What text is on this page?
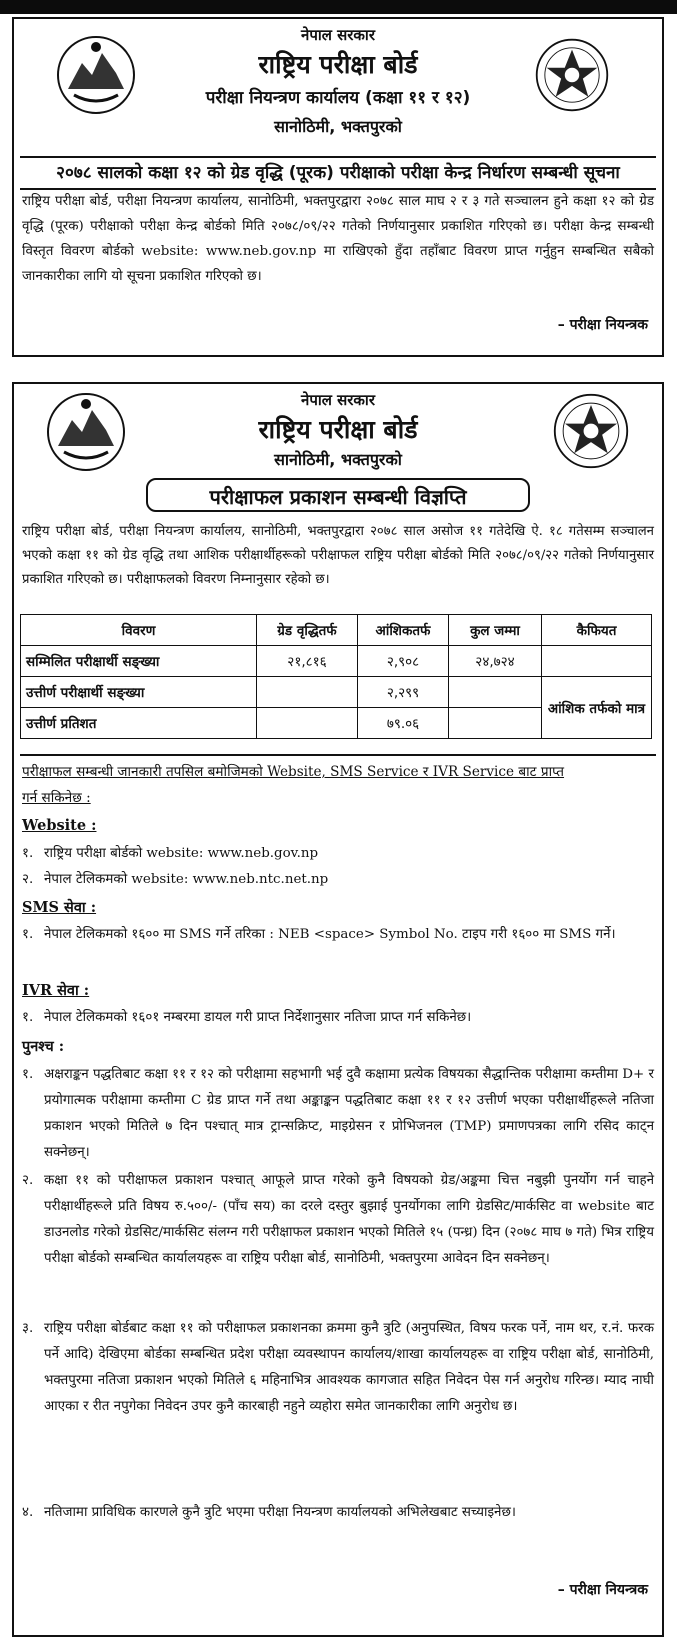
नेपाल सरकार
राष्ट्रिय परीक्षा बोर्ड
परीक्षा नियन्त्रण कार्यालय (कक्षा ११ र १२)
सानोठिमी, भक्तपुरको
२०७८ सालको कक्षा १२ को ग्रेड वृद्धि (पूरक) परीक्षाको परीक्षा केन्द्र निर्धारण सम्बन्धी सूचना
राष्ट्रिय परीक्षा बोर्ड, परीक्षा नियन्त्रण कार्यालय, सानोठिमी, भक्तपुरद्वारा २०७८ साल माघ २ र ३ गते सञ्चालन हुने कक्षा १२ को ग्रेड वृद्धि (पूरक) परीक्षाको परीक्षा केन्द्र बोर्डको मिति २०७८/०९/२२ गतेको निर्णयानुसार प्रकाशित गरिएको छ। परीक्षा केन्द्र सम्बन्धी विस्तृत विवरण बोर्डको website: www.neb.gov.np मा राखिएको हुँदा तहाँबाट विवरण प्राप्त गर्नुहुन सम्बन्धित सबैको जानकारीका लागि यो सूचना प्रकाशित गरिएको छ।
– परीक्षा नियन्त्रक
नेपाल सरकार
राष्ट्रिय परीक्षा बोर्ड
सानोठिमी, भक्तपुरको
परीक्षाफल प्रकाशन सम्बन्धी विज्ञप्ति
राष्ट्रिय परीक्षा बोर्ड, परीक्षा नियन्त्रण कार्यालय, सानोठिमी, भक्तपुरद्वारा २०७८ साल असोज ११ गतेदेखि ऐ. १८ गतेसम्म सञ्चालन भएको कक्षा ११ को ग्रेड वृद्धि तथा आशिक परीक्षार्थीहरूको परीक्षाफल राष्ट्रिय परीक्षा बोर्डको मिति २०७८/०९/२२ गतेको निर्णयानुसार प्रकाशित गरिएको छ। परीक्षाफलको विवरण निम्नानुसार रहेको छ।
विवरण	ग्रेड वृद्धितर्फ	आंशिकतर्फ	कुल जम्मा	कैफियत
सम्मिलित परीक्षार्थी सङ्ख्या	२१,८१६	२,९०८	२४,७२४	
उत्तीर्ण परीक्षार्थी सङ्ख्या		२,२९९		आंशिक तर्फको मात्र
उत्तीर्ण प्रतिशत		७९.०६		
परीक्षाफल सम्बन्धी जानकारी तपसिल बमोजिमको Website, SMS Service र IVR Service बाट प्राप्त
गर्न सकिनेछ :
Website :
१. राष्ट्रिय परीक्षा बोर्डको website: www.neb.gov.np
२. नेपाल टेलिकमको website: www.neb.ntc.net.np
SMS सेवा :
१. नेपाल टेलिकमको १६०० मा SMS गर्ने तरिका : NEB <space> Symbol No. टाइप गरी १६०० मा SMS गर्ने।
IVR सेवा :
१. नेपाल टेलिकमको १६०१ नम्बरमा डायल गरी प्राप्त निर्देशानुसार नतिजा प्राप्त गर्न सकिनेछ।
पुनश्च :
१. अक्षराङ्कन पद्धतिबाट कक्षा ११ र १२ को परीक्षामा सहभागी भई दुवै कक्षामा प्रत्येक विषयका सैद्धान्तिक परीक्षामा कम्तीमा D+ र प्रयोगात्मक परीक्षामा कम्तीमा C ग्रेड प्राप्त गर्ने तथा अङ्काङ्कन पद्धतिबाट कक्षा ११ र १२ उत्तीर्ण भएका परीक्षार्थीहरूले नतिजा प्रकाशन भएको मितिले ७ दिन पश्चात् मात्र ट्रान्सक्रिप्ट, माइग्रेसन र प्रोभिजनल (TMP) प्रमाणपत्रका लागि रसिद काट्न सक्नेछन्।
२. कक्षा ११ को परीक्षाफल प्रकाशन पश्चात् आफूले प्राप्त गरेको कुनै विषयको ग्रेड/अङ्कमा चित्त नबुझी पुनर्योग गर्न चाहने परीक्षार्थीहरूले प्रति विषय रु.५००/- (पाँच सय) का दरले दस्तुर बुझाई पुनर्योगका लागि ग्रेडसिट/मार्कसिट वा website बाट डाउनलोड गरेको ग्रेडसिट/मार्कसिट संलग्न गरी परीक्षाफल प्रकाशन भएको मितिले १५ (पन्ध्र) दिन (२०७८ माघ ७ गते) भित्र राष्ट्रिय परीक्षा बोर्डको सम्बन्धित कार्यालयहरू वा राष्ट्रिय परीक्षा बोर्ड, सानोठिमी, भक्तपुरमा आवेदन दिन सक्नेछन्।
३. राष्ट्रिय परीक्षा बोर्डबाट कक्षा ११ को परीक्षाफल प्रकाशनका क्रममा कुनै त्रुटि (अनुपस्थित, विषय फरक पर्ने, नाम थर, र.नं. फरक पर्ने आदि) देखिएमा बोर्डका सम्बन्धित प्रदेश परीक्षा व्यवस्थापन कार्यालय/शाखा कार्यालयहरू वा राष्ट्रिय परीक्षा बोर्ड, सानोठिमी, भक्तपुरमा नतिजा प्रकाशन भएको मितिले ६ महिनाभित्र आवश्यक कागजात सहित निवेदन पेस गर्न अनुरोध गरिन्छ। म्याद नाघी आएका र रीत नपुगेका निवेदन उपर कुनै कारबाही नहुने व्यहोरा समेत जानकारीका लागि अनुरोध छ।
४. नतिजामा प्राविधिक कारणले कुनै त्रुटि भएमा परीक्षा नियन्त्रण कार्यालयको अभिलेखबाट सच्याइनेछ।
– परीक्षा नियन्त्रक
